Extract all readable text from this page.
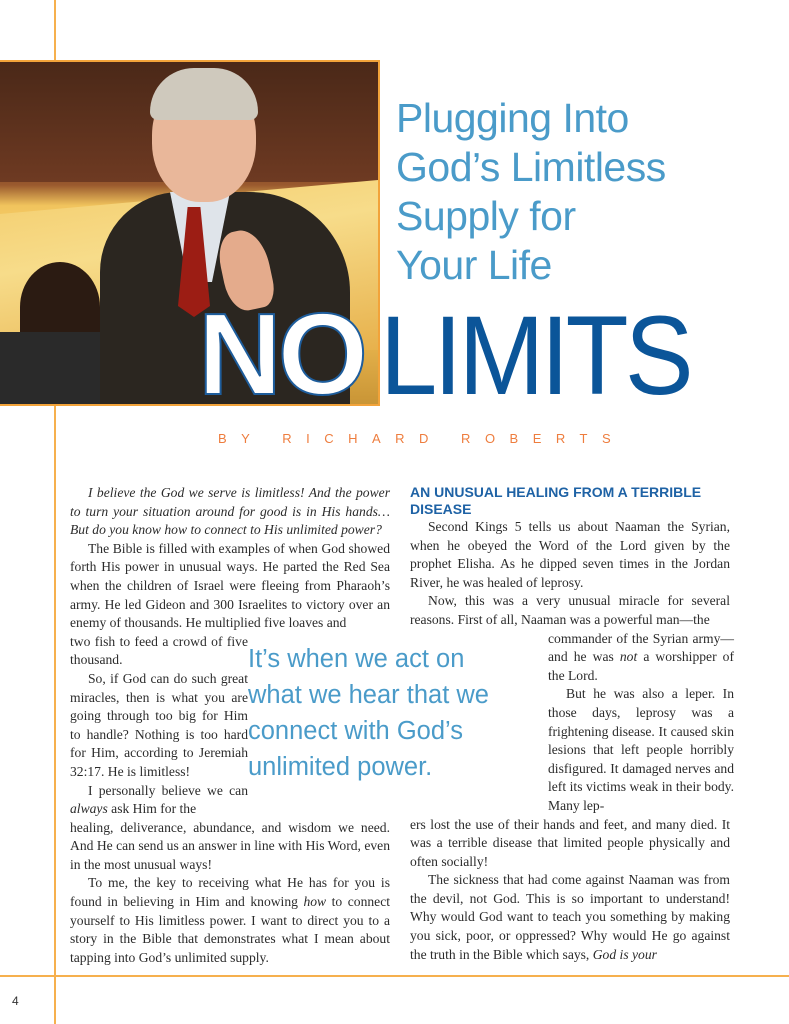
Plugging Into
God’s Limitless
Supply for
Your Life
NO LIMITS
BY RICHARD ROBERTS

I believe the God we serve is limitless! And the power to turn your situation around for good is in His hands… But do you know how to connect to His unlimited power?

The Bible is filled with examples of when God showed forth His power in unusual ways. He parted the Red Sea when the children of Israel were fleeing from Pharaoh’s army. He led Gideon and 300 Israelites to victory over an enemy of thousands. He multiplied five loaves and

two fish to feed a crowd of five thousand.

So, if God can do such great miracles, then is what you are going through too big for Him to handle? Nothing is too hard for Him, according to Jeremiah 32:17. He is limitless!

I personally believe we can always ask Him for the

healing, deliverance, abundance, and wisdom we need. And He can send us an answer in line with His Word, even in the most unusual ways!

To me, the key to receiving what He has for you is found in believing in Him and knowing how to connect yourself to His limitless power. I want to direct you to a story in the Bible that demonstrates what I mean about tapping into God’s unlimited supply.

AN UNUSUAL HEALING FROM A TERRIBLE DISEASE

Second Kings 5 tells us about Naaman the Syrian, when he obeyed the Word of the Lord given by the prophet Elisha. As he dipped seven times in the Jordan River, he was healed of leprosy.

Now, this was a very unusual miracle for several reasons. First of all, Naaman was a powerful man—the

commander of the Syrian army—and he was not a worshipper of the Lord.

But he was also a leper. In those days, leprosy was a frightening disease. It caused skin lesions that left people horribly disfigured. It damaged nerves and left its victims weak in their body. Many lep-

ers lost the use of their hands and feet, and many died. It was a terrible disease that limited people physically and often socially!

The sickness that had come against Naaman was from the devil, not God. This is so important to understand! Why would God want to teach you something by making you sick, poor, or oppressed? Why would He go against the truth in the Bible which says, God is your

It’s when we act on
what we hear that we
connect with God’s
unlimited power.
4
